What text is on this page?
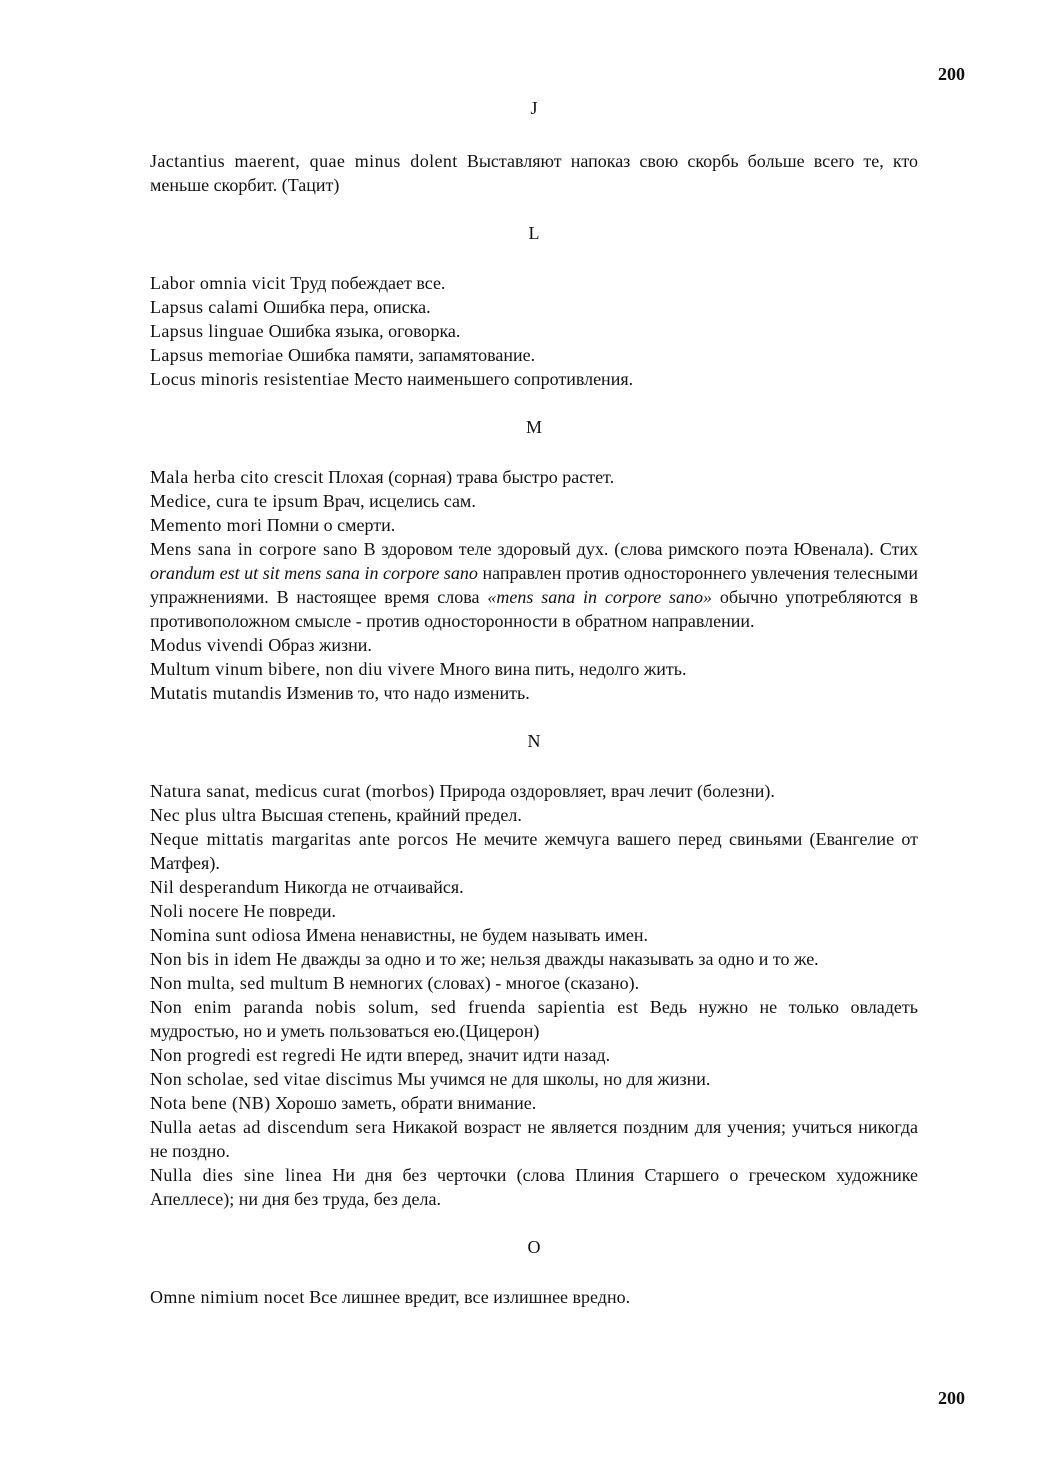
200

J

Jactantius maerent, quae minus dolent Выставляют напоказ свою скорбь больше всего те, кто меньше скорбит. (Тацит)

L

Labor omnia vicit Труд побеждает все.

Lapsus calami Ошибка пера, описка.

Lapsus linguae Ошибка языка, оговорка.

Lapsus memoriae Ошибка памяти, запамятование.

Locus minoris resistentiae Место наименьшего сопротивления.

M

Mala herba cito crescit Плохая (сорная) трава быстро растет.

Medice, cura te ipsum Врач, исцелись сам.

Memento mori Помни о смерти.

Mens sana in corpore sano В здоровом теле здоровый дух. (слова римского поэта Ювенала). Стих orandum est ut sit mens sana in corpore sano направлен против одностороннего увлечения телесными упражнениями. В настоящее время слова «mens sana in corpore sano» обычно употребляются в противоположном смысле - против односторонности в обратном направлении.

Modus vivendi Образ жизни.

Multum vinum bibere, non diu vivere Много вина пить, недолго жить.

Mutatis mutandis Изменив то, что надо изменить.

N

Natura sanat, medicus curat (morbos) Природа оздоровляет, врач лечит (болезни).

Nec plus ultra Высшая степень, крайний предел.

Neque mittatis margaritas ante porcos Не мечите жемчуга вашего перед свиньями (Евангелие от Матфея).

Nil desperandum Никогда не отчаивайся.

Noli nocere Не повреди.

Nomina sunt odiosa Имена ненавистны, не будем называть имен.

Non bis in idem Не дважды за одно и то же; нельзя дважды наказывать за одно и то же.

Non multa, sed multum В немногих (словах) - многое (сказано).

Non enim paranda nobis solum, sed fruenda sapientia est Ведь нужно не только овладеть мудростью, но и уметь пользоваться ею.(Цицерон)

Non progredi est regredi Не идти вперед, значит идти назад.

Non scholae, sed vitae discimus Мы учимся не для школы, но для жизни.

Nota bene (NB) Хорошо заметь, обрати внимание.

Nulla aetas ad discendum sera Никакой возраст не является поздним для учения; учиться никогда не поздно.

Nulla dies sine linea Ни дня без черточки (слова Плиния Старшего о греческом художнике Апеллесе); ни дня без труда, без дела.

O

Omne nimium nocet Все лишнее вредит, все излишнее вредно.

200
